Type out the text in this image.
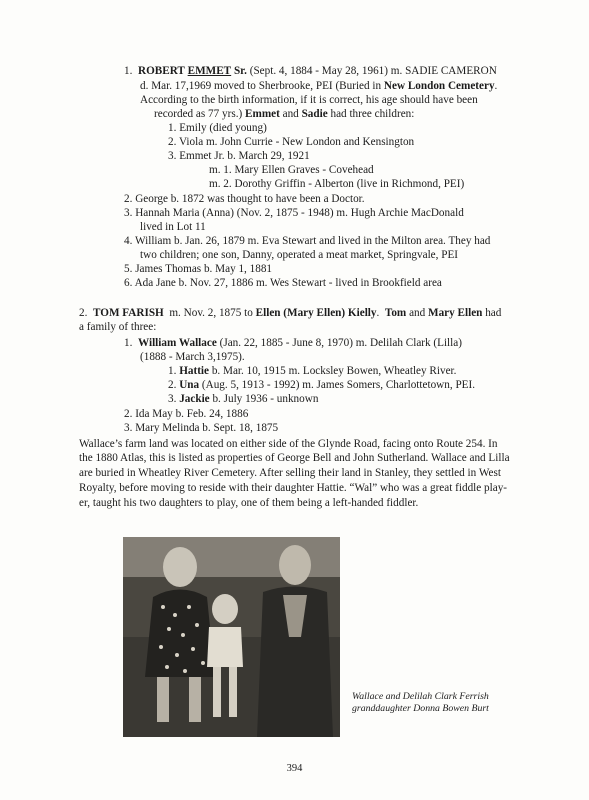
1. ROBERT EMMET Sr. (Sept. 4, 1884 - May 28, 1961) m. SADIE CAMERON
d. Mar. 17,1969 moved to Sherbrooke, PEI (Buried in New London Cemetery.
According to the birth information, if it is correct, his age should have been
recorded as 77 yrs.) Emmet and Sadie had three children:
1. Emily (died young)
2. Viola m. John Currie - New London and Kensington
3. Emmet Jr. b. March 29, 1921
m. 1. Mary Ellen Graves - Covehead
m. 2. Dorothy Griffin - Alberton (live in Richmond, PEI)
2. George b. 1872 was thought to have been a Doctor.
3. Hannah Maria (Anna) (Nov. 2, 1875 - 1948) m. Hugh Archie MacDonald
lived in Lot 11
4. William b. Jan. 26, 1879 m. Eva Stewart and lived in the Milton area. They had
two children; one son, Danny, operated a meat market, Springvale, PEI
5. James Thomas b. May 1, 1881
6. Ada Jane b. Nov. 27, 1886 m. Wes Stewart - lived in Brookfield area
2. TOM FARISH m. Nov. 2, 1875 to Ellen (Mary Ellen) Kielly. Tom and Mary Ellen had
a family of three:
1. William Wallace (Jan. 22, 1885 - June 8, 1970) m. Delilah Clark (Lilla)
(1888 - March 3,1975).
1. Hattie b. Mar. 10, 1915 m. Locksley Bowen, Wheatley River.
2. Una (Aug. 5, 1913 - 1992) m. James Somers, Charlottetown, PEI.
3. Jackie b. July 1936 - unknown
2. Ida May b. Feb. 24, 1886
3. Mary Melinda b. Sept. 18, 1875
Wallace’s farm land was located on either side of the Glynde Road, facing onto Route 254. In
the 1880 Atlas, this is listed as properties of George Bell and John Sutherland. Wallace and Lilla
are buried in Wheatley River Cemetery. After selling their land in Stanley, they settled in West
Royalty, before moving to reside with their daughter Hattie. “Wal” who was a great fiddle play-
er, taught his two daughters to play, one of them being a left-handed fiddler.
Wallace and Delilah Clark Ferrish
granddaughter Donna Bowen Burt
394
